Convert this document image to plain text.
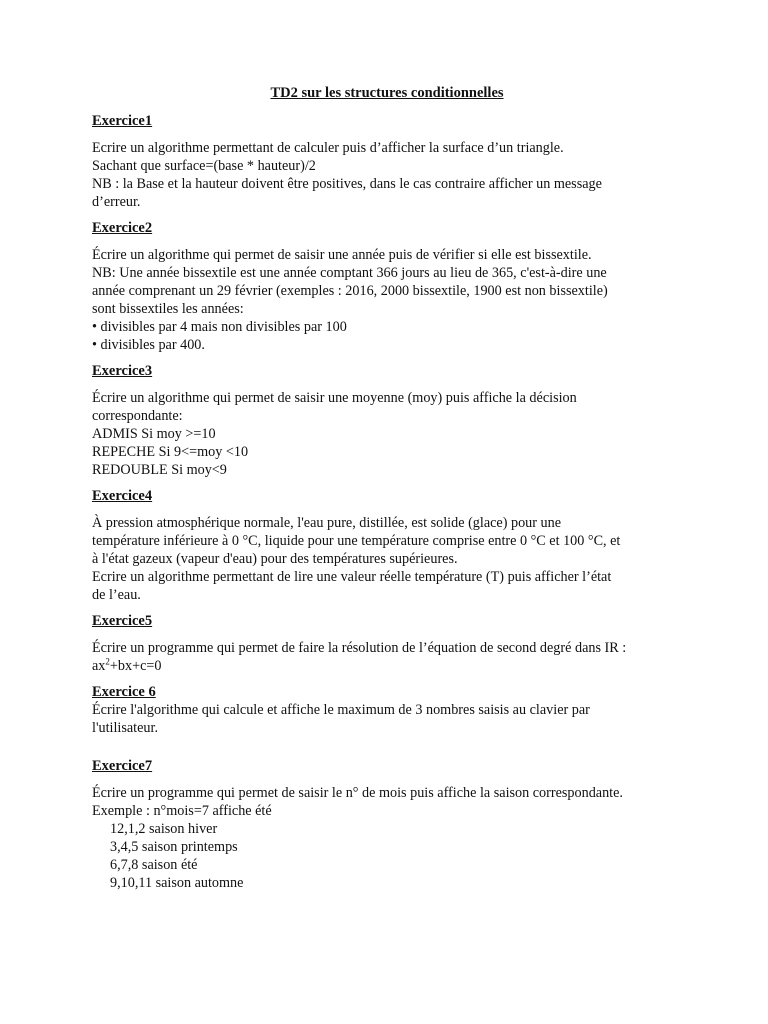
TD2 sur les structures conditionnelles
Exercice1
Ecrire un algorithme permettant de calculer puis d’afficher la surface d’un triangle.
Sachant que surface=(base * hauteur)/2
NB : la Base et la hauteur doivent être positives, dans le cas contraire afficher un message
d’erreur.
Exercice2
Écrire un algorithme qui permet de saisir une année puis de vérifier si elle est bissextile.
NB: Une année bissextile est une année comptant 366 jours au lieu de 365, c'est-à-dire une
année comprenant un 29 février (exemples : 2016, 2000 bissextile, 1900 est non bissextile)
sont bissextiles les années:
• divisibles par 4 mais non divisibles par 100
• divisibles par 400.
Exercice3
Écrire un algorithme qui permet de saisir une moyenne (moy) puis affiche la décision
correspondante:
ADMIS Si moy >=10
REPECHE Si 9<=moy <10
REDOUBLE Si moy<9
Exercice4
À pression atmosphérique normale, l'eau pure, distillée, est solide (glace) pour une
température inférieure à 0 °C, liquide pour une température comprise entre 0 °C et 100 °C, et
à l'état gazeux (vapeur d'eau) pour des températures supérieures.
Ecrire un algorithme permettant de lire une valeur réelle température (T) puis afficher l’état
de l’eau.
Exercice5
Écrire un programme qui permet de faire la résolution de l’équation de second degré dans IR :
$ax^2+bx+c=0$
Exercice 6
Écrire l'algorithme qui calcule et affiche le maximum de 3 nombres saisis au clavier par
l'utilisateur.
Exercice7
Écrire un programme qui permet de saisir le n° de mois puis affiche la saison correspondante.
Exemple : n°mois=7 affiche été
12,1,2 saison hiver
3,4,5 saison printemps
6,7,8 saison été
9,10,11 saison automne
